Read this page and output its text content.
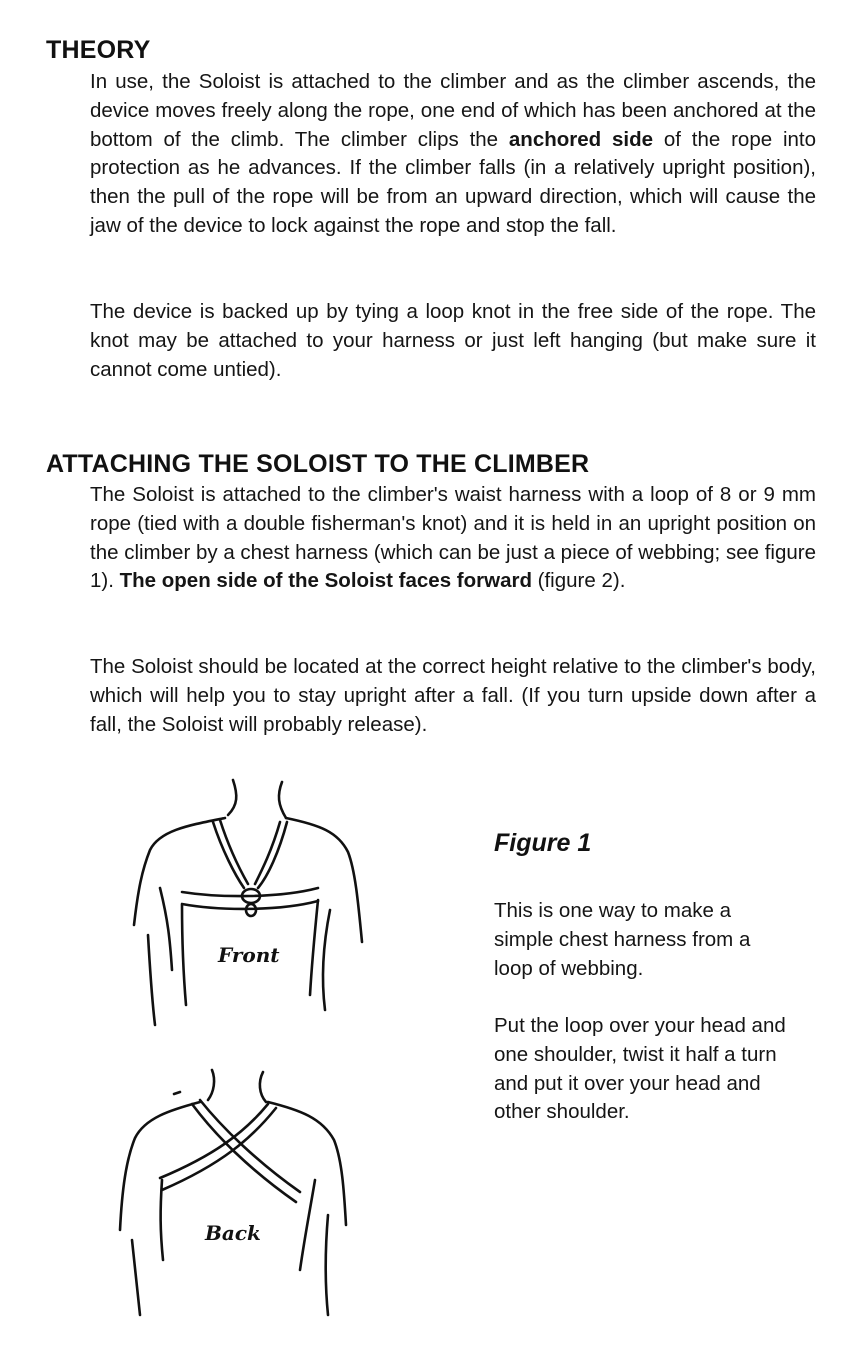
THEORY

In use, the Soloist is attached to the climber and as the climber ascends, the device moves freely along the rope, one end of which has been anchored at the bottom of the climb. The climber clips the anchored side of the rope into protection as he advances. If the climber falls (in a relatively upright position), then the pull of the rope will be from an upward direction, which will cause the jaw of the device to lock against the rope and stop the fall.

The device is backed up by tying a loop knot in the free side of the rope. The knot may be attached to your harness or just left hanging (but make sure it cannot come untied).

ATTACHING THE SOLOIST TO THE CLIMBER

The Soloist is attached to the climber's waist harness with a loop of 8 or 9 mm rope (tied with a double fisherman's knot) and it is held in an upright position on the climber by a chest harness (which can be just a piece of webbing; see figure 1). The open side of the Soloist faces forward (figure 2).

The Soloist should be located at the correct height relative to the climber's body, which will help you to stay upright after a fall. (If you turn upside down after a fall, the Soloist will probably release).

Front
Back
Figure 1

This is one way to make a simple chest harness from a loop of webbing.

Put the loop over your head and one shoulder, twist it half a turn and put it over your head and other shoulder.
